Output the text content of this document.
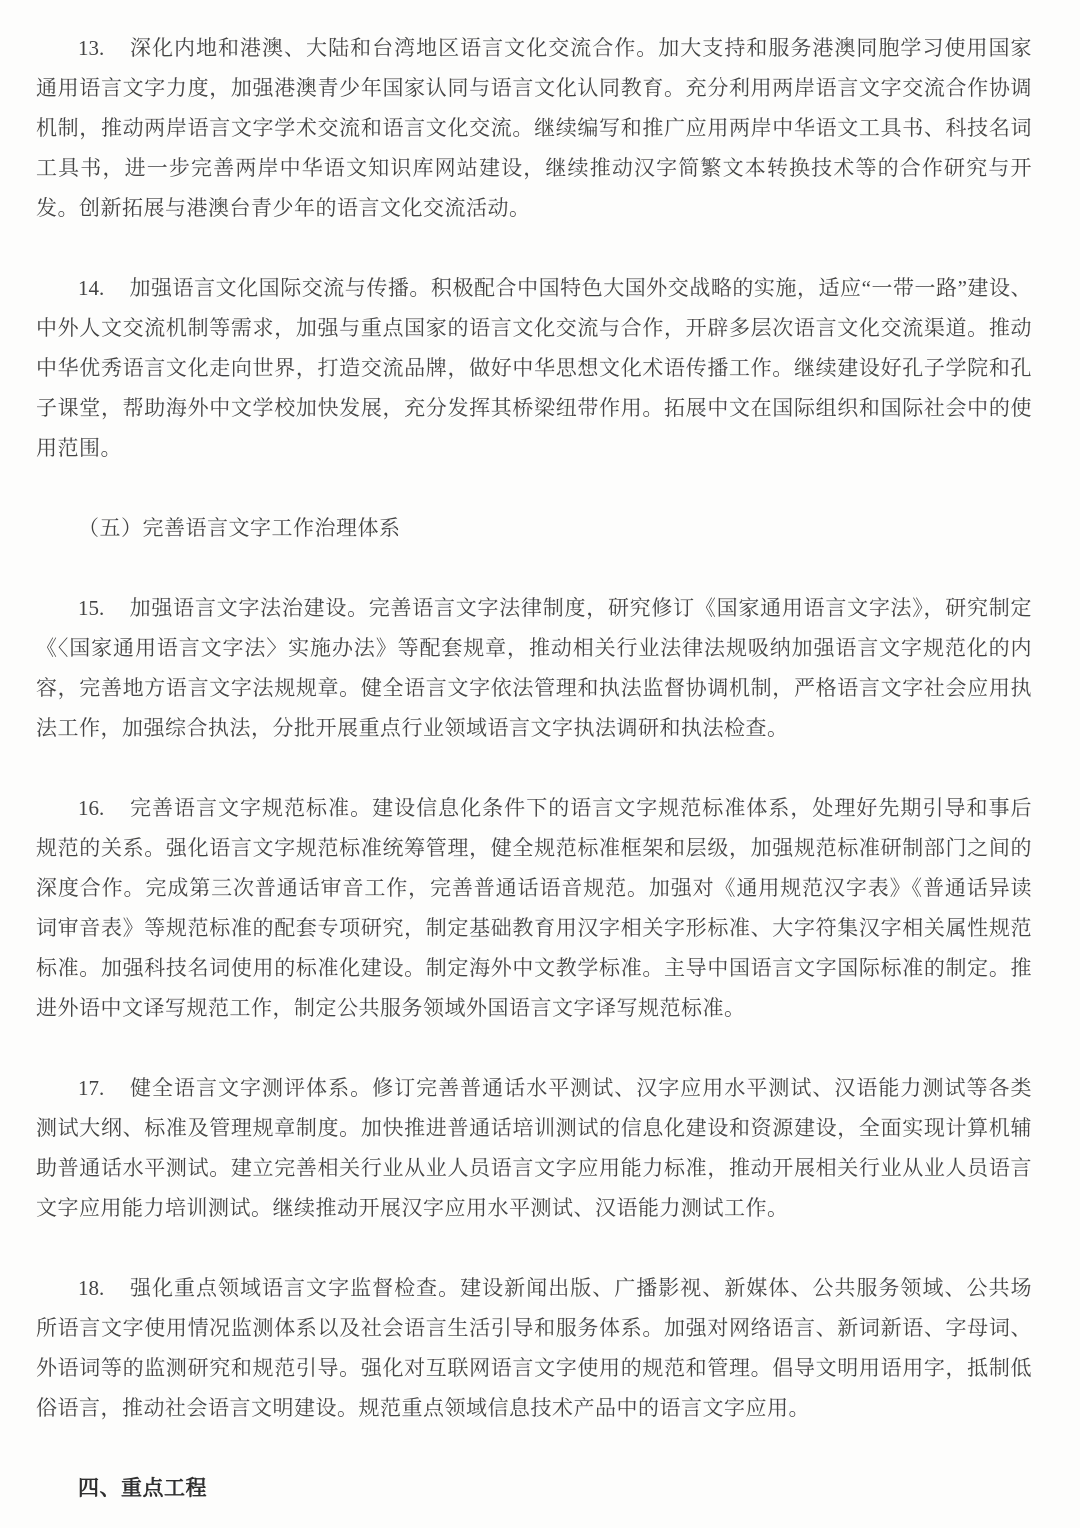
13. 深化内地和港澳、大陆和台湾地区语言文化交流合作。加大支持和服务港澳同胞学习使用国家通用语言文字力度，加强港澳青少年国家认同与语言文化认同教育。充分利用两岸语言文字交流合作协调机制，推动两岸语言文字学术交流和语言文化交流。继续编写和推广应用两岸中华语文工具书、科技名词工具书，进一步完善两岸中华语文知识库网站建设，继续推动汉字简繁文本转换技术等的合作研究与开发。创新拓展与港澳台青少年的语言文化交流活动。

14. 加强语言文化国际交流与传播。积极配合中国特色大国外交战略的实施，适应“一带一路”建设、中外人文交流机制等需求，加强与重点国家的语言文化交流与合作，开辟多层次语言文化交流渠道。推动中华优秀语言文化走向世界，打造交流品牌，做好中华思想文化术语传播工作。继续建设好孔子学院和孔子课堂，帮助海外中文学校加快发展，充分发挥其桥梁纽带作用。拓展中文在国际组织和国际社会中的使用范围。

（五）完善语言文字工作治理体系

15. 加强语言文字法治建设。完善语言文字法律制度，研究修订《国家通用语言文字法》，研究制定《〈国家通用语言文字法〉实施办法》等配套规章，推动相关行业法律法规吸纳加强语言文字规范化的内容，完善地方语言文字法规规章。健全语言文字依法管理和执法监督协调机制，严格语言文字社会应用执法工作，加强综合执法，分批开展重点行业领域语言文字执法调研和执法检查。

16. 完善语言文字规范标准。建设信息化条件下的语言文字规范标准体系，处理好先期引导和事后规范的关系。强化语言文字规范标准统筹管理，健全规范标准框架和层级，加强规范标准研制部门之间的深度合作。完成第三次普通话审音工作，完善普通话语音规范。加强对《通用规范汉字表》《普通话异读词审音表》等规范标准的配套专项研究，制定基础教育用汉字相关字形标准、大字符集汉字相关属性规范标准。加强科技名词使用的标准化建设。制定海外中文教学标准。主导中国语言文字国际标准的制定。推进外语中文译写规范工作，制定公共服务领域外国语言文字译写规范标准。

17. 健全语言文字测评体系。修订完善普通话水平测试、汉字应用水平测试、汉语能力测试等各类测试大纲、标准及管理规章制度。加快推进普通话培训测试的信息化建设和资源建设，全面实现计算机辅助普通话水平测试。建立完善相关行业从业人员语言文字应用能力标准，推动开展相关行业从业人员语言文字应用能力培训测试。继续推动开展汉字应用水平测试、汉语能力测试工作。

18. 强化重点领域语言文字监督检查。建设新闻出版、广播影视、新媒体、公共服务领域、公共场所语言文字使用情况监测体系以及社会语言生活引导和服务体系。加强对网络语言、新词新语、字母词、外语词等的监测研究和规范引导。强化对互联网语言文字使用的规范和管理。倡导文明用语用字，抵制低俗语言，推动社会语言文明建设。规范重点领域信息技术产品中的语言文字应用。

四、重点工程
